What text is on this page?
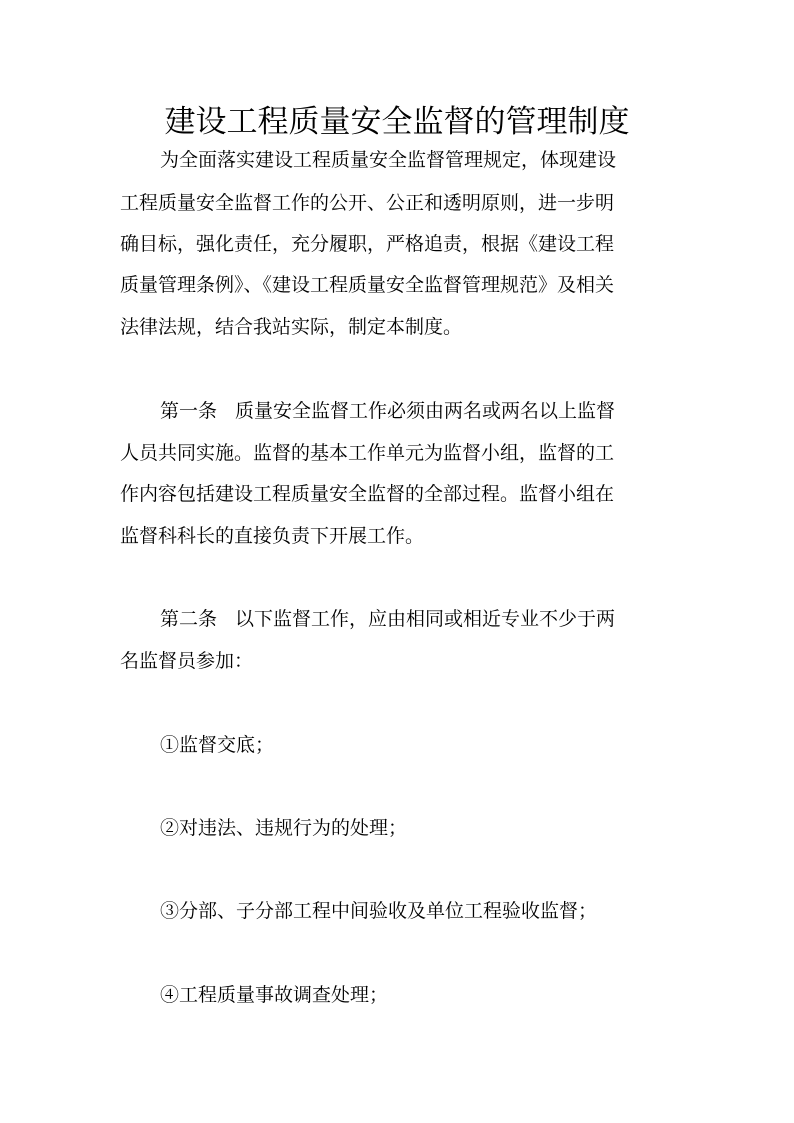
建设工程质量安全监督的管理制度
为全面落实建设工程质量安全监督管理规定，体现建设
工程质量安全监督工作的公开、公正和透明原则，进一步明
确目标，强化责任，充分履职，严格追责，根据《建设工程
质量管理条例》、《建设工程质量安全监督管理规范》及相关
法律法规，结合我站实际，制定本制度。
第一条 质量安全监督工作必须由两名或两名以上监督
人员共同实施。监督的基本工作单元为监督小组，监督的工
作内容包括建设工程质量安全监督的全部过程。监督小组在
监督科科长的直接负责下开展工作。
第二条 以下监督工作，应由相同或相近专业不少于两
名监督员参加：
①监督交底；
②对违法、违规行为的处理；
③分部、子分部工程中间验收及单位工程验收监督；
④工程质量事故调查处理；
